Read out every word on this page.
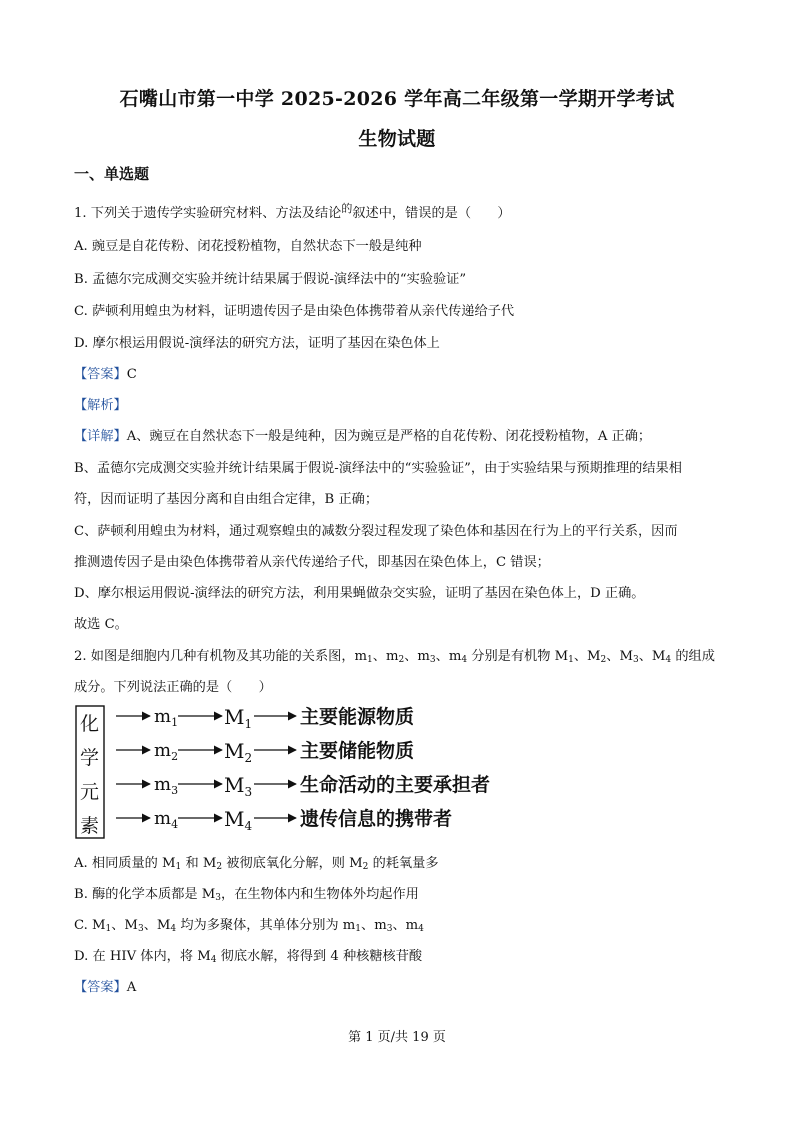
石嘴山市第一中学 2025-2026 学年高二年级第一学期开学考试
生物试题
一、单选题
1. 下列关于遗传学实验研究材料、方法及结论$^的$叙述中，错误的是（　　）
A. 豌豆是自花传粉、闭花授粉植物，自然状态下一般是纯种
B. 孟德尔完成测交实验并统计结果属于假说-演绎法中的“实验验证”
C. 萨顿利用蝗虫为材料，证明遗传因子是由染色体携带着从亲代传递给子代
D. 摩尔根运用假说-演绎法的研究方法，证明了基因在染色体上
【答案】C
【解析】
【详解】A、豌豆在自然状态下一般是纯种，因为豌豆是严格的自花传粉、闭花授粉植物，A 正确；
B、孟德尔完成测交实验并统计结果属于假说-演绎法中的“实验验证”，由于实验结果与预期推理的结果相
符，因而证明了基因分离和自由组合定律，B 正确；
C、萨顿利用蝗虫为材料，通过观察蝗虫的减数分裂过程发现了染色体和基因在行为上的平行关系，因而
推测遗传因子是由染色体携带着从亲代传递给子代，即基因在染色体上，C 错误；
D、摩尔根运用假说-演绎法的研究方法，利用果蝇做杂交实验，证明了基因在染色体上，D 正确。
故选 C。
2. 如图是细胞内几种有机物及其功能的关系图，$m_1$、$m_2$、$m_3$、$m_4$ 分别是有机物 $M_1$、$M_2$、$M_3$、$M_4$ 的组成
成分。下列说法正确的是（　　）
化
学
元
素
$m_1$ $M_1$	主要能源物质
$m_2$ $M_2$	主要储能物质
$m_3$ $M_3$	生命活动的主要承担者
$m_4$ $M_4$	遗传信息的携带者
A. 相同质量的 $M_1$ 和 $M_2$ 被彻底氧化分解，则 $M_2$ 的耗氧量多
B. 酶的化学本质都是 $M_3$，在生物体内和生物体外均起作用
C. $M_1$、$M_3$、$M_4$ 均为多聚体，其单体分别为 $m_1$、$m_3$、$m_4$
D. 在 HIV 体内，将 $M_4$ 彻底水解，将得到 4 种核糖核苷酸
【答案】A
第 1 页/共 19 页
